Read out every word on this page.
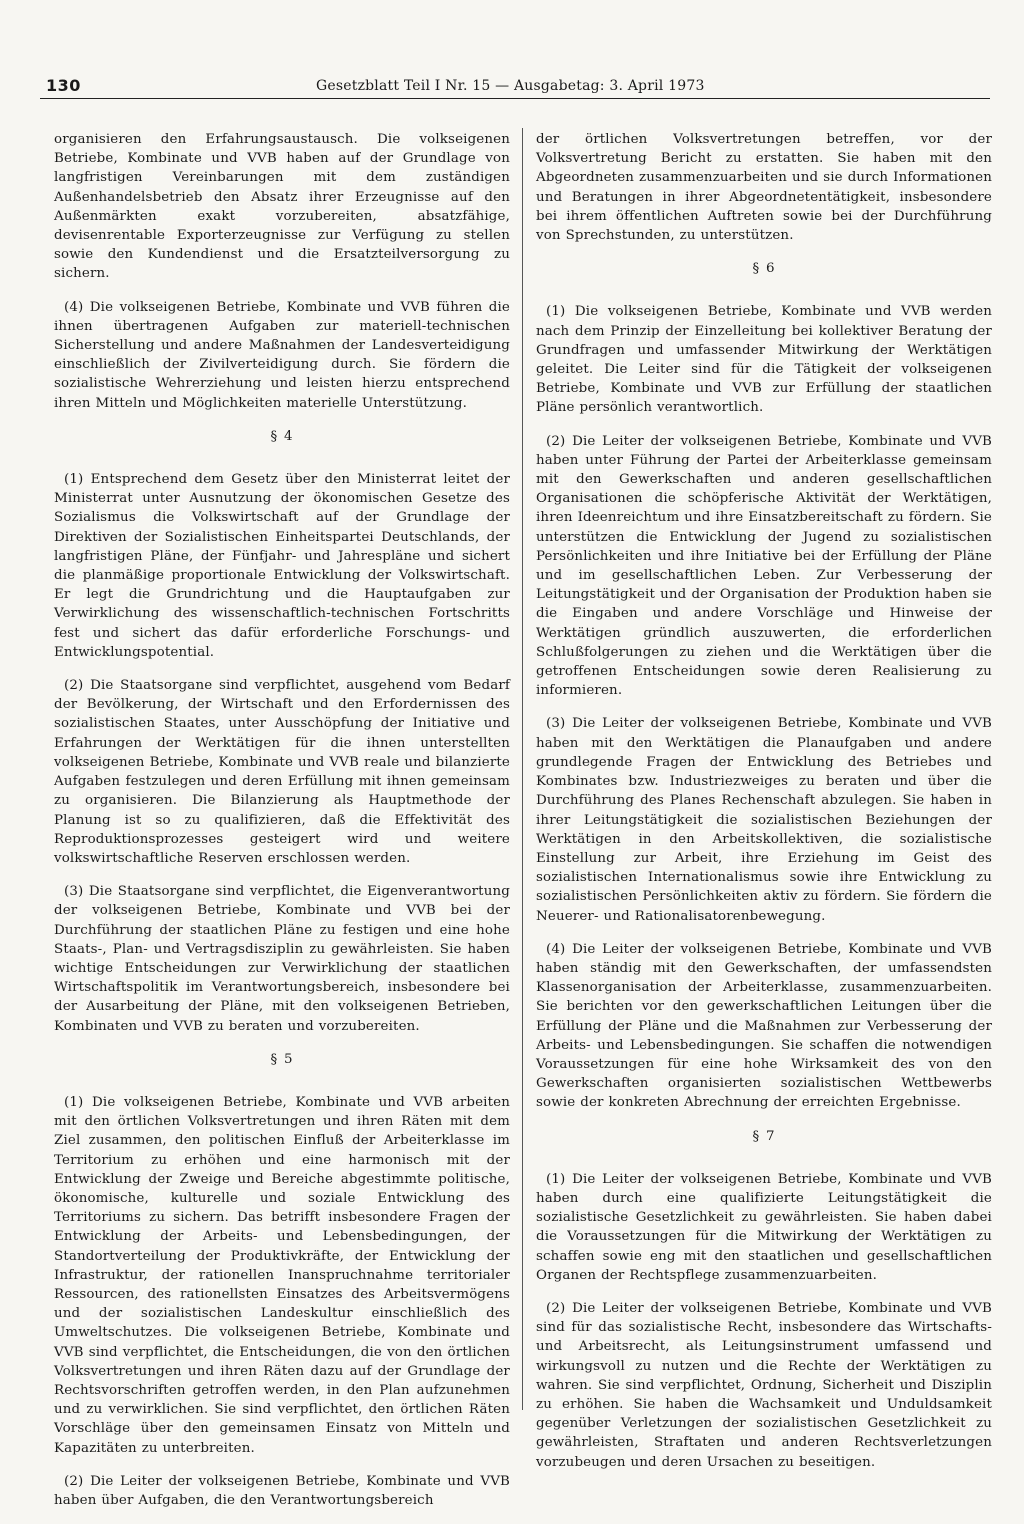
130	Gesetzblatt Teil I Nr. 15 — Ausgabetag: 3. April 1973

organisieren den Erfahrungsaustausch. Die volkseigenen Betriebe, Kombinate und VVB haben auf der Grundlage von langfristigen Vereinbarungen mit dem zuständigen Außenhandelsbetrieb den Absatz ihrer Erzeugnisse auf den Außenmärkten exakt vorzubereiten, absatzfähige, devisenrentable Exporterzeugnisse zur Verfügung zu stellen sowie den Kundendienst und die Ersatzteilversorgung zu sichern.

(4) Die volkseigenen Betriebe, Kombinate und VVB führen die ihnen übertragenen Aufgaben zur materiell-technischen Sicherstellung und andere Maßnahmen der Landesverteidigung einschließlich der Zivilverteidigung durch. Sie fördern die sozialistische Wehrerziehung und leisten hierzu entsprechend ihren Mitteln und Möglichkeiten materielle Unterstützung.

§ 4

(1) Entsprechend dem Gesetz über den Ministerrat leitet der Ministerrat unter Ausnutzung der ökonomischen Gesetze des Sozialismus die Volkswirtschaft auf der Grundlage der Direktiven der Sozialistischen Einheitspartei Deutschlands, der langfristigen Pläne, der Fünfjahr- und Jahrespläne und sichert die planmäßige proportionale Entwicklung der Volkswirtschaft. Er legt die Grundrichtung und die Hauptaufgaben zur Verwirklichung des wissenschaftlich-technischen Fortschritts fest und sichert das dafür erforderliche Forschungs- und Entwicklungspotential.

(2) Die Staatsorgane sind verpflichtet, ausgehend vom Bedarf der Bevölkerung, der Wirtschaft und den Erfordernissen des sozialistischen Staates, unter Ausschöpfung der Initiative und Erfahrungen der Werktätigen für die ihnen unterstellten volkseigenen Betriebe, Kombinate und VVB reale und bilanzierte Aufgaben festzulegen und deren Erfüllung mit ihnen gemeinsam zu organisieren. Die Bilanzierung als Hauptmethode der Planung ist so zu qualifizieren, daß die Effektivität des Reproduktionsprozesses gesteigert wird und weitere volkswirtschaftliche Reserven erschlossen werden.

(3) Die Staatsorgane sind verpflichtet, die Eigenverantwortung der volkseigenen Betriebe, Kombinate und VVB bei der Durchführung der staatlichen Pläne zu festigen und eine hohe Staats-, Plan- und Vertragsdisziplin zu gewährleisten. Sie haben wichtige Entscheidungen zur Verwirklichung der staatlichen Wirtschaftspolitik im Verantwortungsbereich, insbesondere bei der Ausarbeitung der Pläne, mit den volkseigenen Betrieben, Kombinaten und VVB zu beraten und vorzubereiten.

§ 5

(1) Die volkseigenen Betriebe, Kombinate und VVB arbeiten mit den örtlichen Volksvertretungen und ihren Räten mit dem Ziel zusammen, den politischen Einfluß der Arbeiterklasse im Territorium zu erhöhen und eine harmonisch mit der Entwicklung der Zweige und Bereiche abgestimmte politische, ökonomische, kulturelle und soziale Entwicklung des Territoriums zu sichern. Das betrifft insbesondere Fragen der Entwicklung der Arbeits- und Lebensbedingungen, der Standortverteilung der Produktivkräfte, der Entwicklung der Infrastruktur, der rationellen Inanspruchnahme territorialer Ressourcen, des rationellsten Einsatzes des Arbeitsvermögens und der sozialistischen Landeskultur einschließlich des Umweltschutzes. Die volkseigenen Betriebe, Kombinate und VVB sind verpflichtet, die Entscheidungen, die von den örtlichen Volksvertretungen und ihren Räten dazu auf der Grundlage der Rechtsvorschriften getroffen werden, in den Plan aufzunehmen und zu verwirklichen. Sie sind verpflichtet, den örtlichen Räten Vorschläge über den gemeinsamen Einsatz von Mitteln und Kapazitäten zu unterbreiten.

(2) Die Leiter der volkseigenen Betriebe, Kombinate und VVB haben über Aufgaben, die den Verantwortungsbereich

der örtlichen Volksvertretungen betreffen, vor der Volksvertretung Bericht zu erstatten. Sie haben mit den Abgeordneten zusammenzuarbeiten und sie durch Informationen und Beratungen in ihrer Abgeordnetentätigkeit, insbesondere bei ihrem öffentlichen Auftreten sowie bei der Durchführung von Sprechstunden, zu unterstützen.

§ 6

(1) Die volkseigenen Betriebe, Kombinate und VVB werden nach dem Prinzip der Einzelleitung bei kollektiver Beratung der Grundfragen und umfassender Mitwirkung der Werktätigen geleitet. Die Leiter sind für die Tätigkeit der volkseigenen Betriebe, Kombinate und VVB zur Erfüllung der staatlichen Pläne persönlich verantwortlich.

(2) Die Leiter der volkseigenen Betriebe, Kombinate und VVB haben unter Führung der Partei der Arbeiterklasse gemeinsam mit den Gewerkschaften und anderen gesellschaftlichen Organisationen die schöpferische Aktivität der Werktätigen, ihren Ideenreichtum und ihre Einsatzbereitschaft zu fördern. Sie unterstützen die Entwicklung der Jugend zu sozialistischen Persönlichkeiten und ihre Initiative bei der Erfüllung der Pläne und im gesellschaftlichen Leben. Zur Verbesserung der Leitungstätigkeit und der Organisation der Produktion haben sie die Eingaben und andere Vorschläge und Hinweise der Werktätigen gründlich auszuwerten, die erforderlichen Schlußfolgerungen zu ziehen und die Werktätigen über die getroffenen Entscheidungen sowie deren Realisierung zu informieren.

(3) Die Leiter der volkseigenen Betriebe, Kombinate und VVB haben mit den Werktätigen die Planaufgaben und andere grundlegende Fragen der Entwicklung des Betriebes und Kombinates bzw. Industriezweiges zu beraten und über die Durchführung des Planes Rechenschaft abzulegen. Sie haben in ihrer Leitungstätigkeit die sozialistischen Beziehungen der Werktätigen in den Arbeitskollektiven, die sozialistische Einstellung zur Arbeit, ihre Erziehung im Geist des sozialistischen Internationalismus sowie ihre Entwicklung zu sozialistischen Persönlichkeiten aktiv zu fördern. Sie fördern die Neuerer- und Rationalisatorenbewegung.

(4) Die Leiter der volkseigenen Betriebe, Kombinate und VVB haben ständig mit den Gewerkschaften, der umfassendsten Klassenorganisation der Arbeiterklasse, zusammenzuarbeiten. Sie berichten vor den gewerkschaftlichen Leitungen über die Erfüllung der Pläne und die Maßnahmen zur Verbesserung der Arbeits- und Lebensbedingungen. Sie schaffen die notwendigen Voraussetzungen für eine hohe Wirksamkeit des von den Gewerkschaften organisierten sozialistischen Wettbewerbs sowie der konkreten Abrechnung der erreichten Ergebnisse.

§ 7

(1) Die Leiter der volkseigenen Betriebe, Kombinate und VVB haben durch eine qualifizierte Leitungstätigkeit die sozialistische Gesetzlichkeit zu gewährleisten. Sie haben dabei die Voraussetzungen für die Mitwirkung der Werktätigen zu schaffen sowie eng mit den staatlichen und gesellschaftlichen Organen der Rechtspflege zusammenzuarbeiten.

(2) Die Leiter der volkseigenen Betriebe, Kombinate und VVB sind für das sozialistische Recht, insbesondere das Wirtschafts- und Arbeitsrecht, als Leitungsinstrument umfassend und wirkungsvoll zu nutzen und die Rechte der Werktätigen zu wahren. Sie sind verpflichtet, Ordnung, Sicherheit und Disziplin zu erhöhen. Sie haben die Wachsamkeit und Unduldsamkeit gegenüber Verletzungen der sozialistischen Gesetzlichkeit zu gewährleisten, Straftaten und anderen Rechtsverletzungen vorzubeugen und deren Ursachen zu beseitigen.
